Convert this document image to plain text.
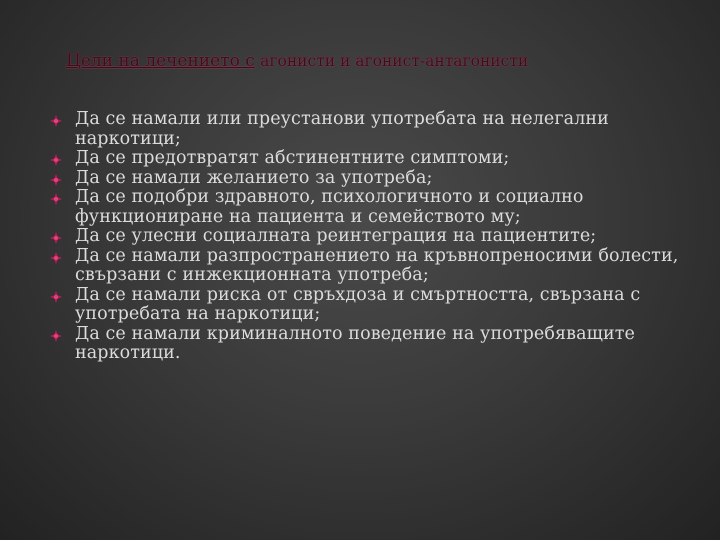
Цели на лечението с агонисти и агонист-антагонисти
Да се намали или преустанови употребата на нелегални наркотици;
Да се предотвратят абстинентните симптоми;
Да се намали желанието за употреба;
Да се подобри здравното, психологичното и социално функциониране на пациента и семейството му;
Да се улесни социалната реинтеграция на пациентите;
Да се намали разпространението на кръвнопреносими болести, свързани с инжекционната употреба;
Да се намали риска от свръхдоза и смъртността, свързана с употребата на наркотици;
Да се намали криминалното поведение на употребяващите наркотици.
